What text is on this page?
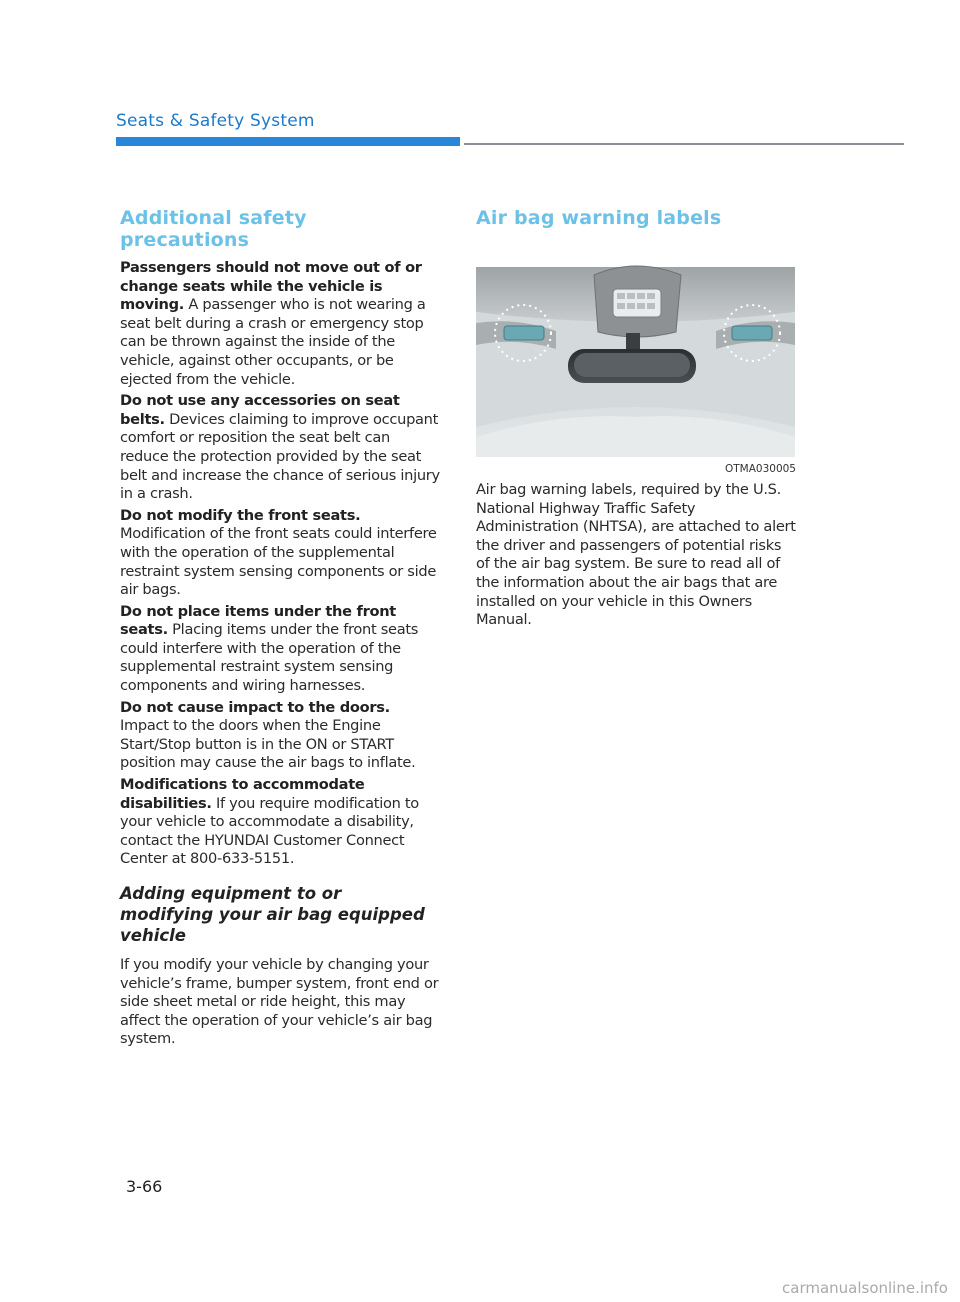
Seats & Safety System
Additional safety precautions

Passengers should not move out of or change seats while the vehicle is moving. A passenger who is not wearing a seat belt during a crash or emergency stop can be thrown against the inside of the vehicle, against other occupants, or be ejected from the vehicle.

Do not use any accessories on seat belts. Devices claiming to improve occupant comfort or reposition the seat belt can reduce the protection provided by the seat belt and increase the chance of serious injury in a crash.

Do not modify the front seats. Modification of the front seats could interfere with the operation of the supplemental restraint system sensing components or side air bags.

Do not place items under the front seats. Placing items under the front seats could interfere with the operation of the supplemental restraint system sensing components and wiring harnesses.

Do not cause impact to the doors. Impact to the doors when the Engine Start/Stop button is in the ON or START position may cause the air bags to inflate.

Modifications to accommodate disabilities. If you require modification to your vehicle to accommodate a disability, contact the HYUNDAI Customer Connect Center at 800-633-5151.

Adding equipment to or modifying your air bag equipped vehicle

If you modify your vehicle by changing your vehicle’s frame, bumper system, front end or side sheet metal or ride height, this may affect the operation of your vehicle’s air bag system.

Air bag warning labels
OTMA030005

Air bag warning labels, required by the U.S. National Highway Traffic Safety Administration (NHTSA), are attached to alert the driver and passengers of potential risks of the air bag system. Be sure to read all of the information about the air bags that are installed on your vehicle in this Owners Manual.

3-66
carmanualsonline.info
